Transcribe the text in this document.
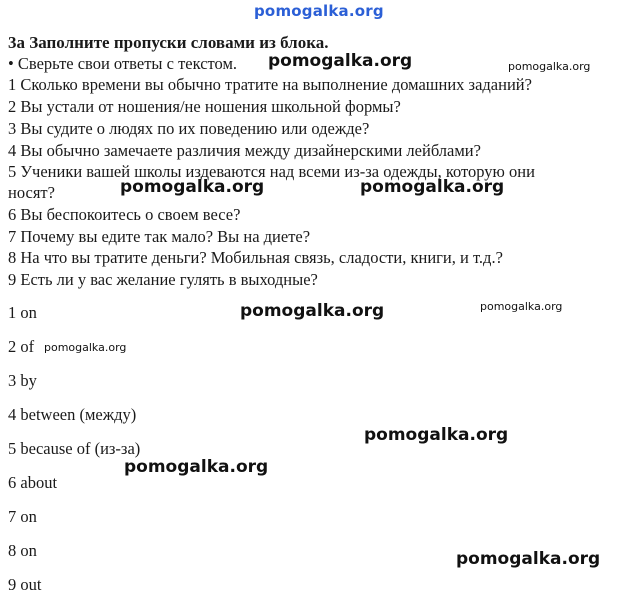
pomogalka.org
3a Заполните пропуски словами из блока.
• Сверьте свои ответы с текстом.
1 Сколько времени вы обычно тратите на выполнение домашних заданий?
2 Вы устали от ношения/не ношения школьной формы?
3 Вы судите о людях по их поведению или одежде?
4 Вы обычно замечаете различия между дизайнерскими лейблами?
5 Ученики вашей школы издеваются над всеми из-за одежды, которую они
носят?
6 Вы беспокоитесь о своем весе?
7 Почему вы едите так мало? Вы на диете?
8 На что вы тратите деньги? Мобильная связь, сладости, книги, и т.д.?
9 Есть ли у вас желание гулять в выходные?
1 on
2 of
3 by
4 between (между)
5 because of (из-за)
6 about
7 on
8 on
9 out
pomogalka.org	pomogalka.org
pomogalka.org	pomogalka.org
pomogalka.org	pomogalka.org
pomogalka.org
pomogalka.org
pomogalka.org
pomogalka.org
